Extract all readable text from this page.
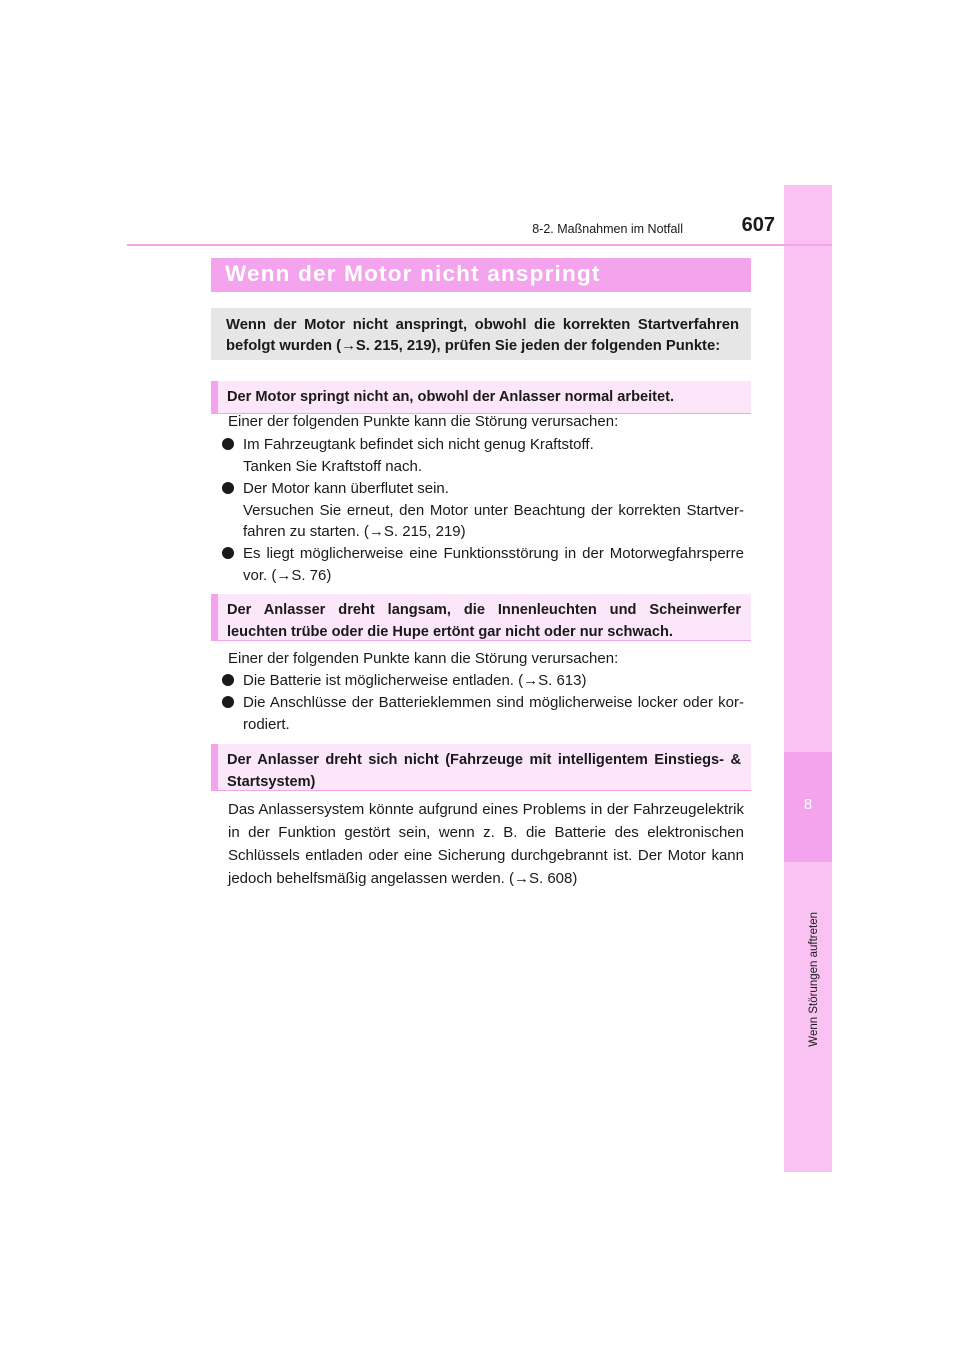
8
Wenn Störungen auftreten
8-2. Maßnahmen im Notfall	607
Wenn der Motor nicht anspringt
Wenn der Motor nicht anspringt, obwohl die korrekten Startverfahren befolgt wurden (→S. 215, 219), prüfen Sie jeden der folgenden Punkte:
Der Motor springt nicht an, obwohl der Anlasser normal arbeitet.
Einer der folgenden Punkte kann die Störung verursachen:
Im Fahrzeugtank befindet sich nicht genug Kraftstoff.
Tanken Sie Kraftstoff nach.
Der Motor kann überflutet sein.
Versuchen Sie erneut, den Motor unter Beachtung der korrekten Startver-fahren zu starten. (→S. 215, 219)
Es liegt möglicherweise eine Funktionsstörung in der Motorwegfahrsperre vor. (→S. 76)
Der Anlasser dreht langsam, die Innenleuchten und Scheinwerfer leuchten trübe oder die Hupe ertönt gar nicht oder nur schwach.
Einer der folgenden Punkte kann die Störung verursachen:
Die Batterie ist möglicherweise entladen. (→S. 613)
Die Anschlüsse der Batterieklemmen sind möglicherweise locker oder kor-rodiert.
Der Anlasser dreht sich nicht (Fahrzeuge mit intelligentem Einstiegs- & Startsystem)
Das Anlassersystem könnte aufgrund eines Problems in der Fahrzeugelektrik in der Funktion gestört sein, wenn z. B. die Batterie des elektronischen Schlüssels entladen oder eine Sicherung durchgebrannt ist. Der Motor kann jedoch behelfsmäßig angelassen werden. (→S. 608)
